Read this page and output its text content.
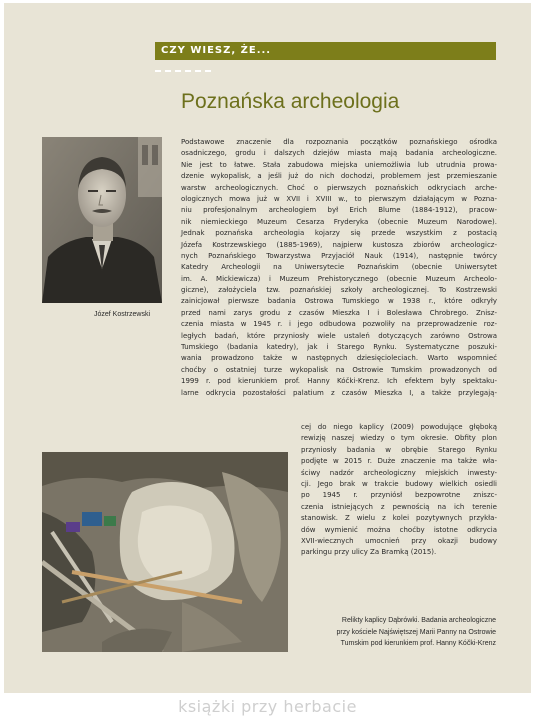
CZY WIESZ, ŻE...
Poznańska archeologia
Józef Kostrzewski
Podstawowe znaczenie dla rozpoznania początków poznańskiego ośrodka
osadniczego, grodu i dalszych dziejów miasta mają badania archeologiczne.
Nie jest to łatwe. Stała zabudowa miejska uniemożliwia lub utrudnia prowa-
dzenie wykopalisk, a jeśli już do nich dochodzi, problemem jest przemieszanie
warstw archeologicznych. Choć o pierwszych poznańskich odkryciach arche-
ologicznych mowa już w XVII i XVIII w., to pierwszym działającym w Pozna-
niu profesjonalnym archeologiem był Erich Blume (1884-1912), pracow-
nik niemieckiego Muzeum Cesarza Fryderyka (obecnie Muzeum Narodowe).
Jednak poznańska archeologia kojarzy się przede wszystkim z postacią
Józefa Kostrzewskiego (1885-1969), najpierw kustosza zbiorów archeologicz-
nych Poznańskiego Towarzystwa Przyjaciół Nauk (1914), następnie twórcy
Katedry Archeologii na Uniwersytecie Poznańskim (obecnie Uniwersytet
im. A. Mickiewicza) i Muzeum Prehistorycznego (obecnie Muzeum Archeolo-
giczne), założyciela tzw. poznańskiej szkoły archeologicznej. To Kostrzewski
zainicjował pierwsze badania Ostrowa Tumskiego w 1938 r., które odkryły
przed nami zarys grodu z czasów Mieszka I i Bolesława Chrobrego. Znisz-
czenia miasta w 1945 r. i jego odbudowa pozwoliły na przeprowadzenie roz-
ległych badań, które przyniosły wiele ustaleń dotyczących zarówno Ostrowa
Tumskiego (badania katedry), jak i Starego Rynku. Systematyczne poszuki-
wania prowadzono także w następnych dziesięcioleciach. Warto wspomnieć
choćby o ostatniej turze wykopalisk na Ostrowie Tumskim prowadzonych od
1999 r. pod kierunkiem prof. Hanny Kóčki-Krenz. Ich efektem były spektaku-
larne odkrycia pozostałości palatium z czasów Mieszka I, a także przylegają-
cej do niego kaplicy (2009) powodujące głęboką
rewizję naszej wiedzy o tym okresie. Obfity plon
przyniosły badania w obrębie Starego Rynku
podjęte w 2015 r. Duże znaczenie ma także wła-
ściwy nadzór archeologiczny miejskich inwesty-
cji. Jego brak w trakcie budowy wielkich osiedli
po 1945 r. przyniósł bezpowrotne zniszc-
czenia istniejących z pewnością na ich terenie
stanowisk. Z wielu z kolei pozytywnych przykła-
dów wymienić można choćby istotne odkrycia
XVII-wiecznych umocnień przy okazji budowy
parkingu przy ulicy Za Bramką (2015).
Relikty kaplicy Dąbrówki. Badania archeologiczne
przy kościele Najświętszej Marii Panny na Ostrowie
Tumskim pod kierunkiem prof. Hanny Kóčki-Krenz
książki przy herbacie
